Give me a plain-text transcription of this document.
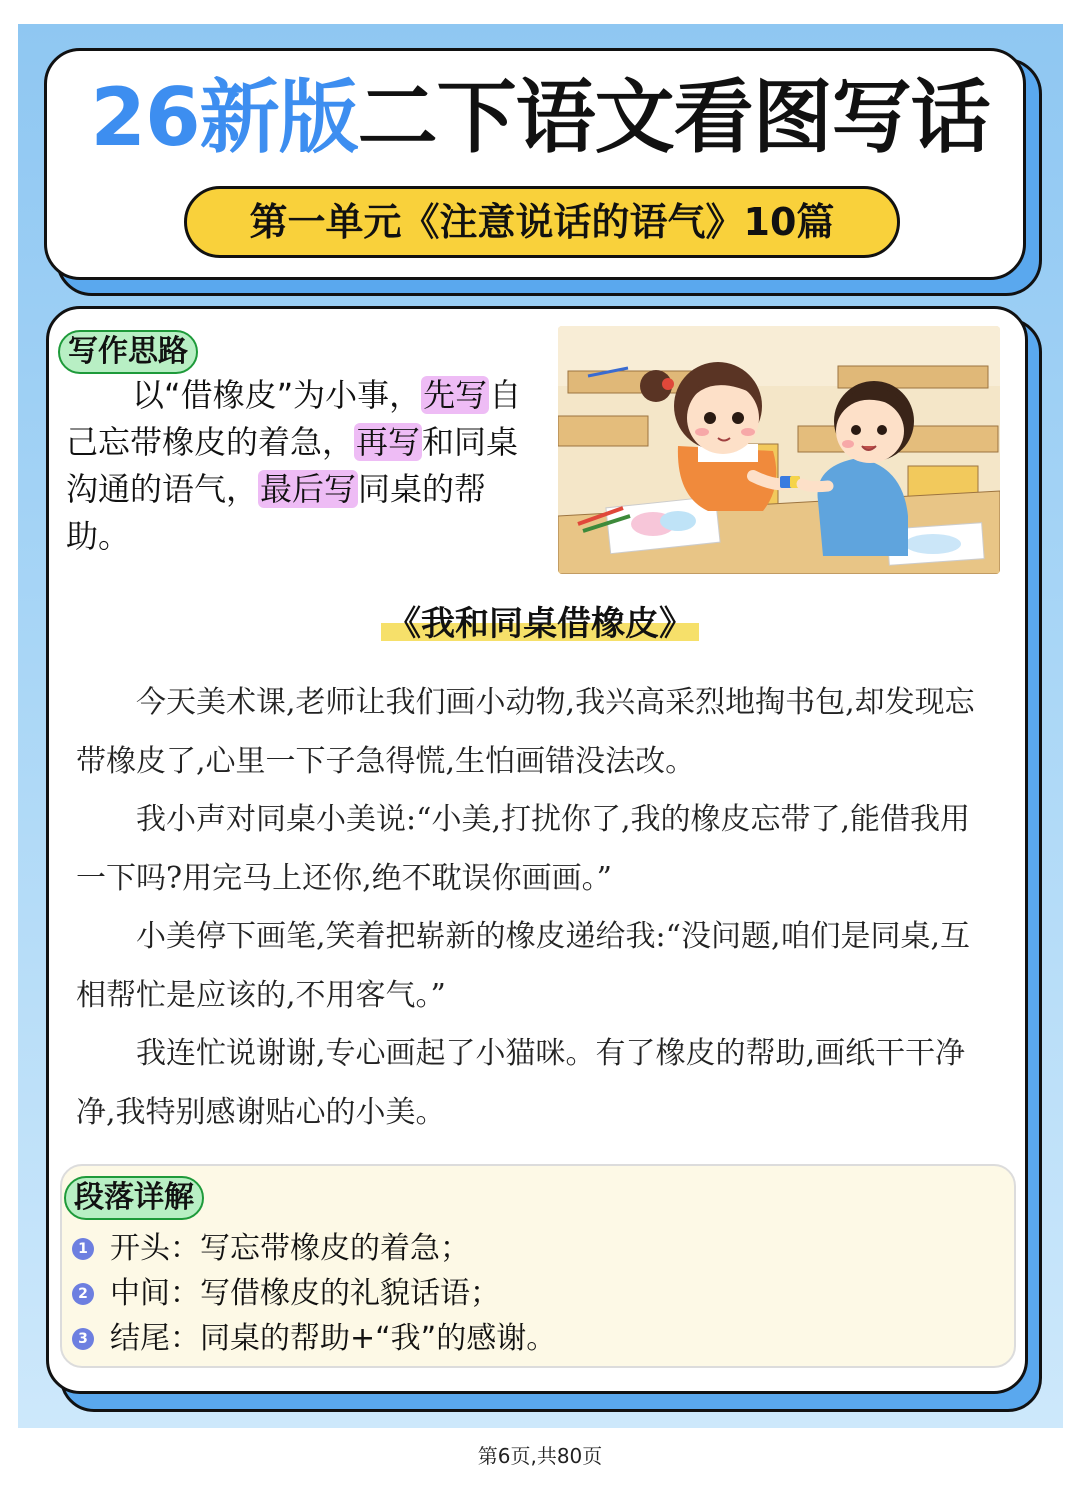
26新版二下语文看图写话
第一单元《注意说话的语气》10篇
写作思路
以“借橡皮”为小事，先写自己忘带橡皮的着急，再写和同桌沟通的语气，最后写同桌的帮助。
《我和同桌借橡皮》

今天美术课,老师让我们画小动物,我兴高采烈地掏书包,却发现忘带橡皮了,心里一下子急得慌,生怕画错没法改。

我小声对同桌小美说:“小美,打扰你了,我的橡皮忘带了,能借我用一下吗?用完马上还你,绝不耽误你画画。”

小美停下画笔,笑着把崭新的橡皮递给我:“没问题,咱们是同桌,互相帮忙是应该的,不用客气。”

我连忙说谢谢,专心画起了小猫咪。有了橡皮的帮助,画纸干干净净,我特别感谢贴心的小美。

段落详解
1 开头：写忘带橡皮的着急；
2 中间：写借橡皮的礼貌话语；
3 结尾：同桌的帮助+“我”的感谢。
第6页,共80页
